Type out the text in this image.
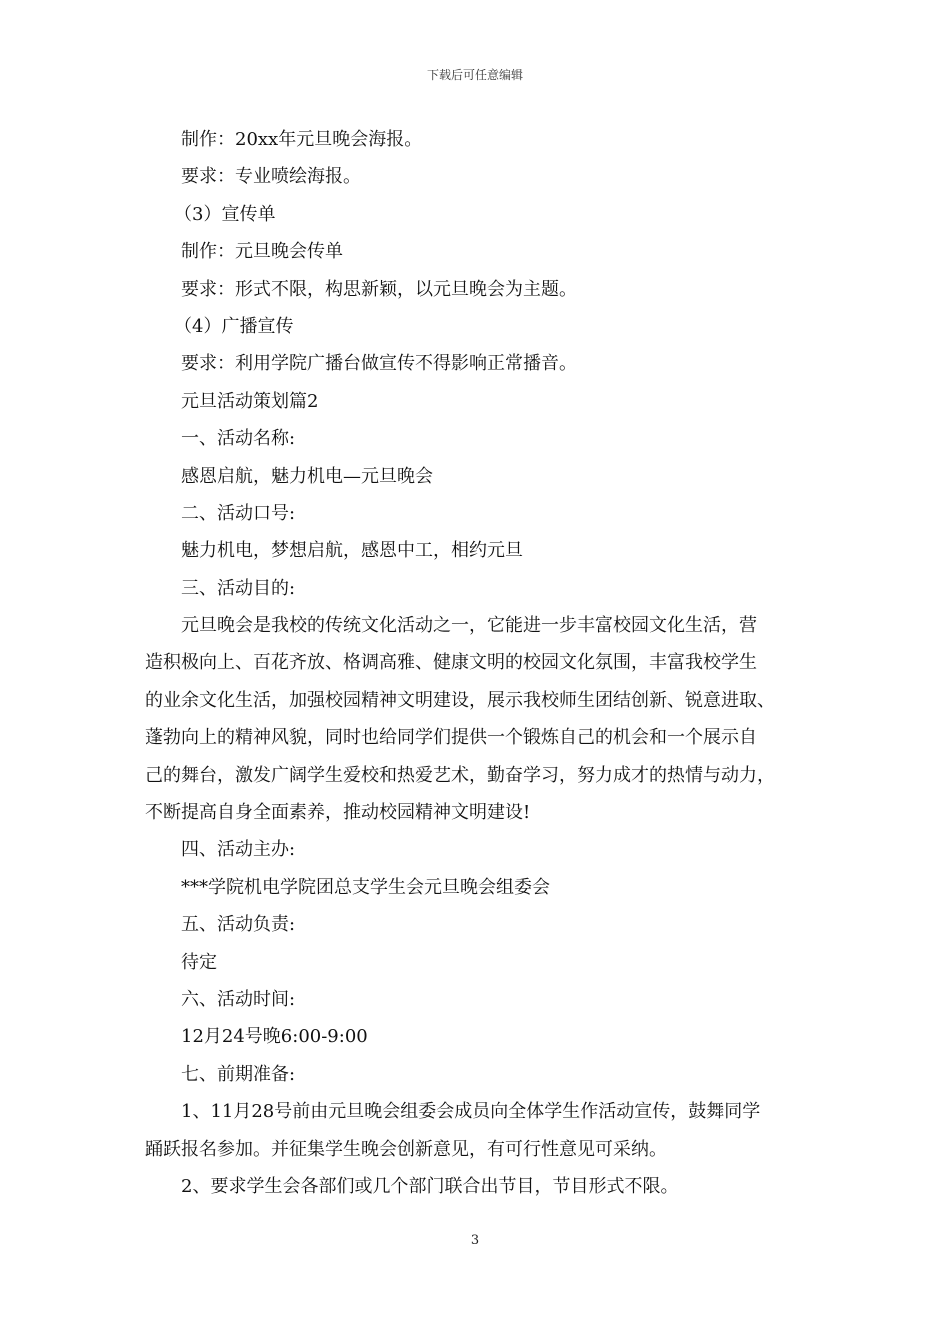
下载后可任意编辑
制作：20xx年元旦晚会海报。
要求：专业喷绘海报。
（3）宣传单
制作：元旦晚会传单
要求：形式不限，构思新颖，以元旦晚会为主题。
（4）广播宣传
要求：利用学院广播台做宣传不得影响正常播音。
元旦活动策划篇2
一、活动名称:
感恩启航，魅力机电—元旦晚会
二、活动口号:
魅力机电，梦想启航，感恩中工，相约元旦
三、活动目的:
元旦晚会是我校的传统文化活动之一，它能进一步丰富校园文化生活，营
造积极向上、百花齐放、格调高雅、健康文明的校园文化氛围，丰富我校学生
的业余文化生活，加强校园精神文明建设，展示我校师生团结创新、锐意进取、
蓬勃向上的精神风貌，同时也给同学们提供一个锻炼自己的机会和一个展示自
己的舞台，激发广阔学生爱校和热爱艺术，勤奋学习，努力成才的热情与动力，
不断提高自身全面素养，推动校园精神文明建设!
四、活动主办:
***学院机电学院团总支学生会元旦晚会组委会
五、活动负责:
待定
六、活动时间:
12月24号晚6:00-9:00
七、前期准备:
1、11月28号前由元旦晚会组委会成员向全体学生作活动宣传，鼓舞同学
踊跃报名参加。并征集学生晚会创新意见，有可行性意见可采纳。
2、要求学生会各部们或几个部门联合出节目，节目形式不限。
3
